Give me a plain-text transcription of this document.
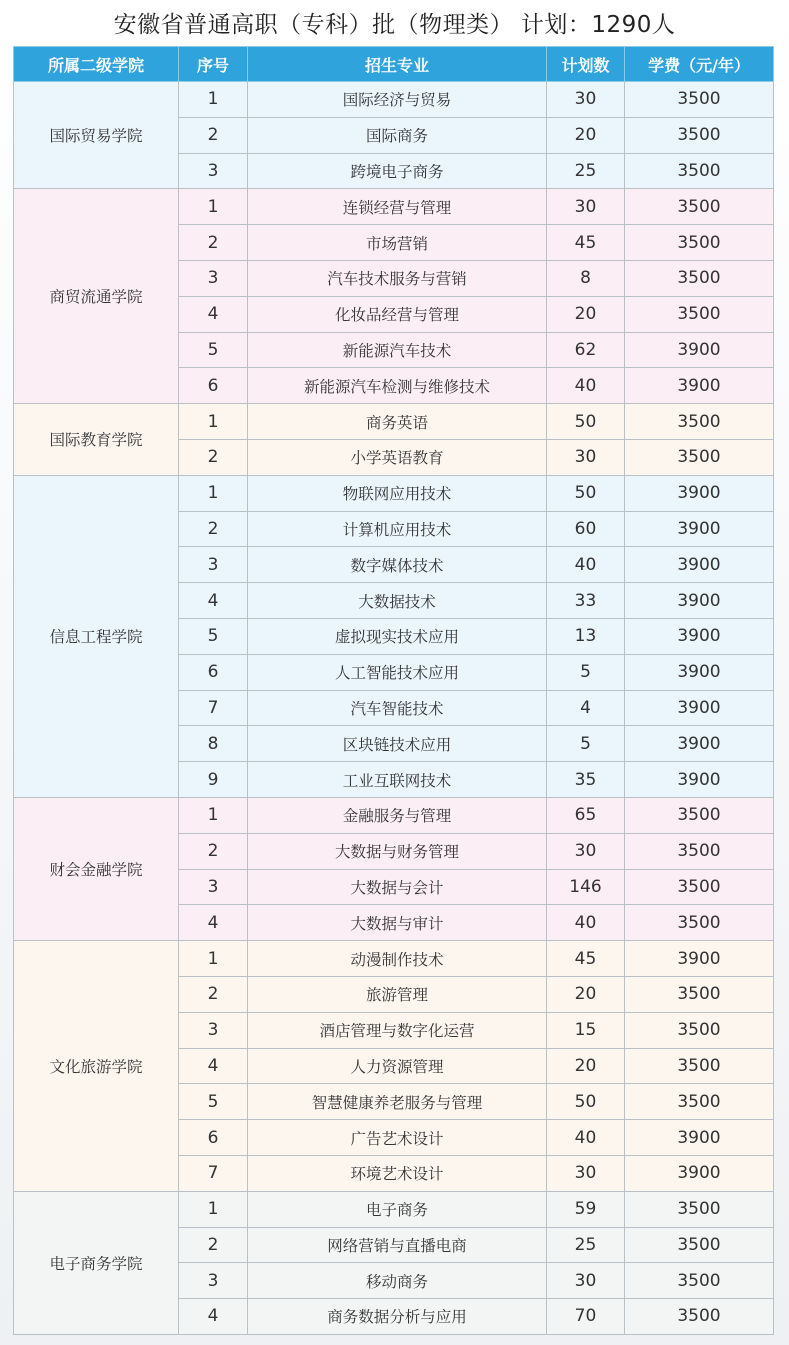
安徽省普通高职（专科）批（物理类） 计划：1290人
所属二级学院	序号	招生专业	计划数	学费（元/年）
国际贸易学院	1	国际经济与贸易	30	3500
	2	国际商务	20	3500
	3	跨境电子商务	25	3500
商贸流通学院	1	连锁经营与管理	30	3500
	2	市场营销	45	3500
	3	汽车技术服务与营销	8	3500
	4	化妆品经营与管理	20	3500
	5	新能源汽车技术	62	3900
	6	新能源汽车检测与维修技术	40	3900
国际教育学院	1	商务英语	50	3500
	2	小学英语教育	30	3500
信息工程学院	1	物联网应用技术	50	3900
	2	计算机应用技术	60	3900
	3	数字媒体技术	40	3900
	4	大数据技术	33	3900
	5	虚拟现实技术应用	13	3900
	6	人工智能技术应用	5	3900
	7	汽车智能技术	4	3900
	8	区块链技术应用	5	3900
	9	工业互联网技术	35	3900
财会金融学院	1	金融服务与管理	65	3500
	2	大数据与财务管理	30	3500
	3	大数据与会计	146	3500
	4	大数据与审计	40	3500
文化旅游学院	1	动漫制作技术	45	3900
	2	旅游管理	20	3500
	3	酒店管理与数字化运营	15	3500
	4	人力资源管理	20	3500
	5	智慧健康养老服务与管理	50	3500
	6	广告艺术设计	40	3900
	7	环境艺术设计	30	3900
电子商务学院	1	电子商务	59	3500
	2	网络营销与直播电商	25	3500
	3	移动商务	30	3500
	4	商务数据分析与应用	70	3500
